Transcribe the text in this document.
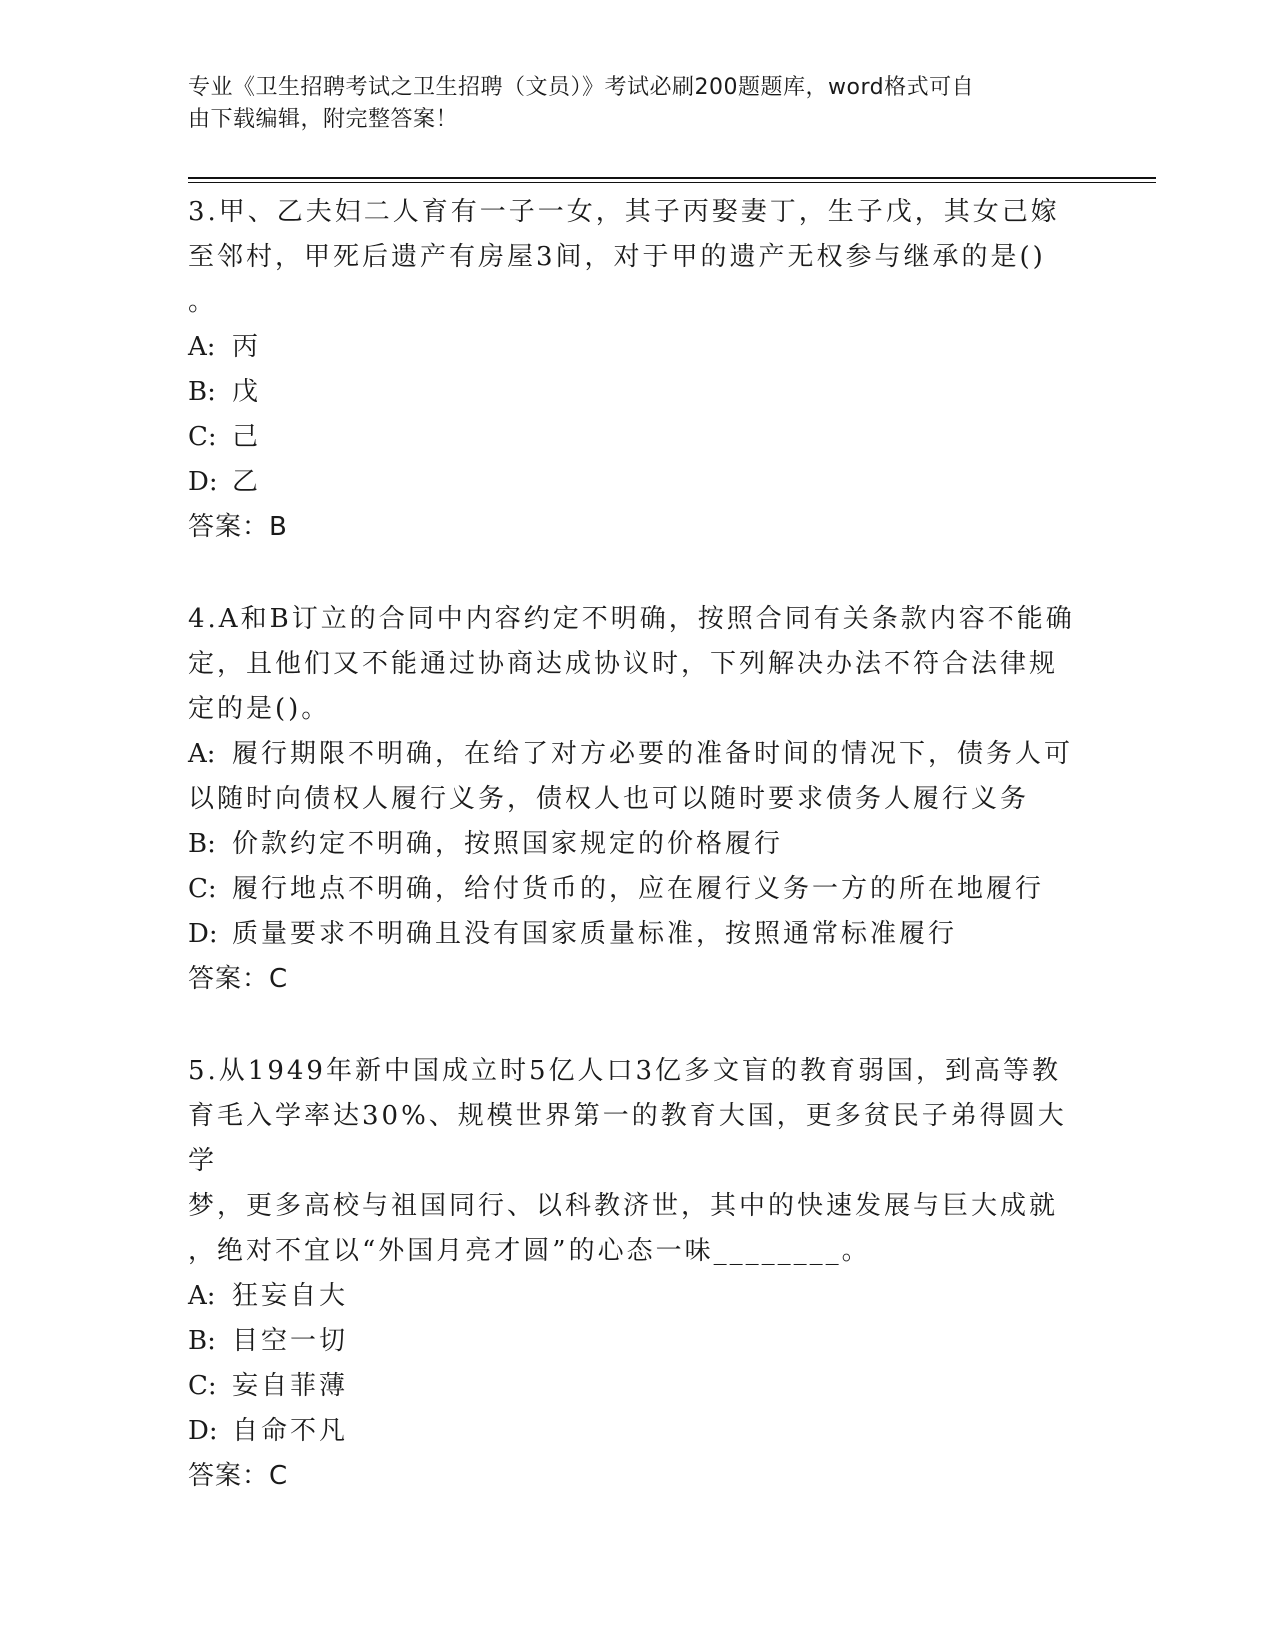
专业《卫生招聘考试之卫生招聘（文员）》考试必刷200题题库，word格式可自
由下载编辑，附完整答案！

3.甲、乙夫妇二人育有一子一女，其子丙娶妻丁，生子戊，其女己嫁

至邻村，甲死后遗产有房屋3间，对于甲的遗产无权参与继承的是()

。

A: 丙

B: 戊

C: 己

D: 乙

答案：B

4.A和B订立的合同中内容约定不明确，按照合同有关条款内容不能确

定，且他们又不能通过协商达成协议时，下列解决办法不符合法律规

定的是()。

A: 履行期限不明确，在给了对方必要的准备时间的情况下，债务人可

以随时向债权人履行义务，债权人也可以随时要求债务人履行义务

B: 价款约定不明确，按照国家规定的价格履行

C: 履行地点不明确，给付货币的，应在履行义务一方的所在地履行

D: 质量要求不明确且没有国家质量标准，按照通常标准履行

答案：C

5.从1949年新中国成立时5亿人口3亿多文盲的教育弱国，到高等教

育毛入学率达30%、规模世界第一的教育大国，更多贫民子弟得圆大学

梦，更多高校与祖国同行、以科教济世，其中的快速发展与巨大成就

，绝对不宜以“外国月亮才圆”的心态一味________。

A: 狂妄自大

B: 目空一切

C: 妄自菲薄

D: 自命不凡

答案：C
